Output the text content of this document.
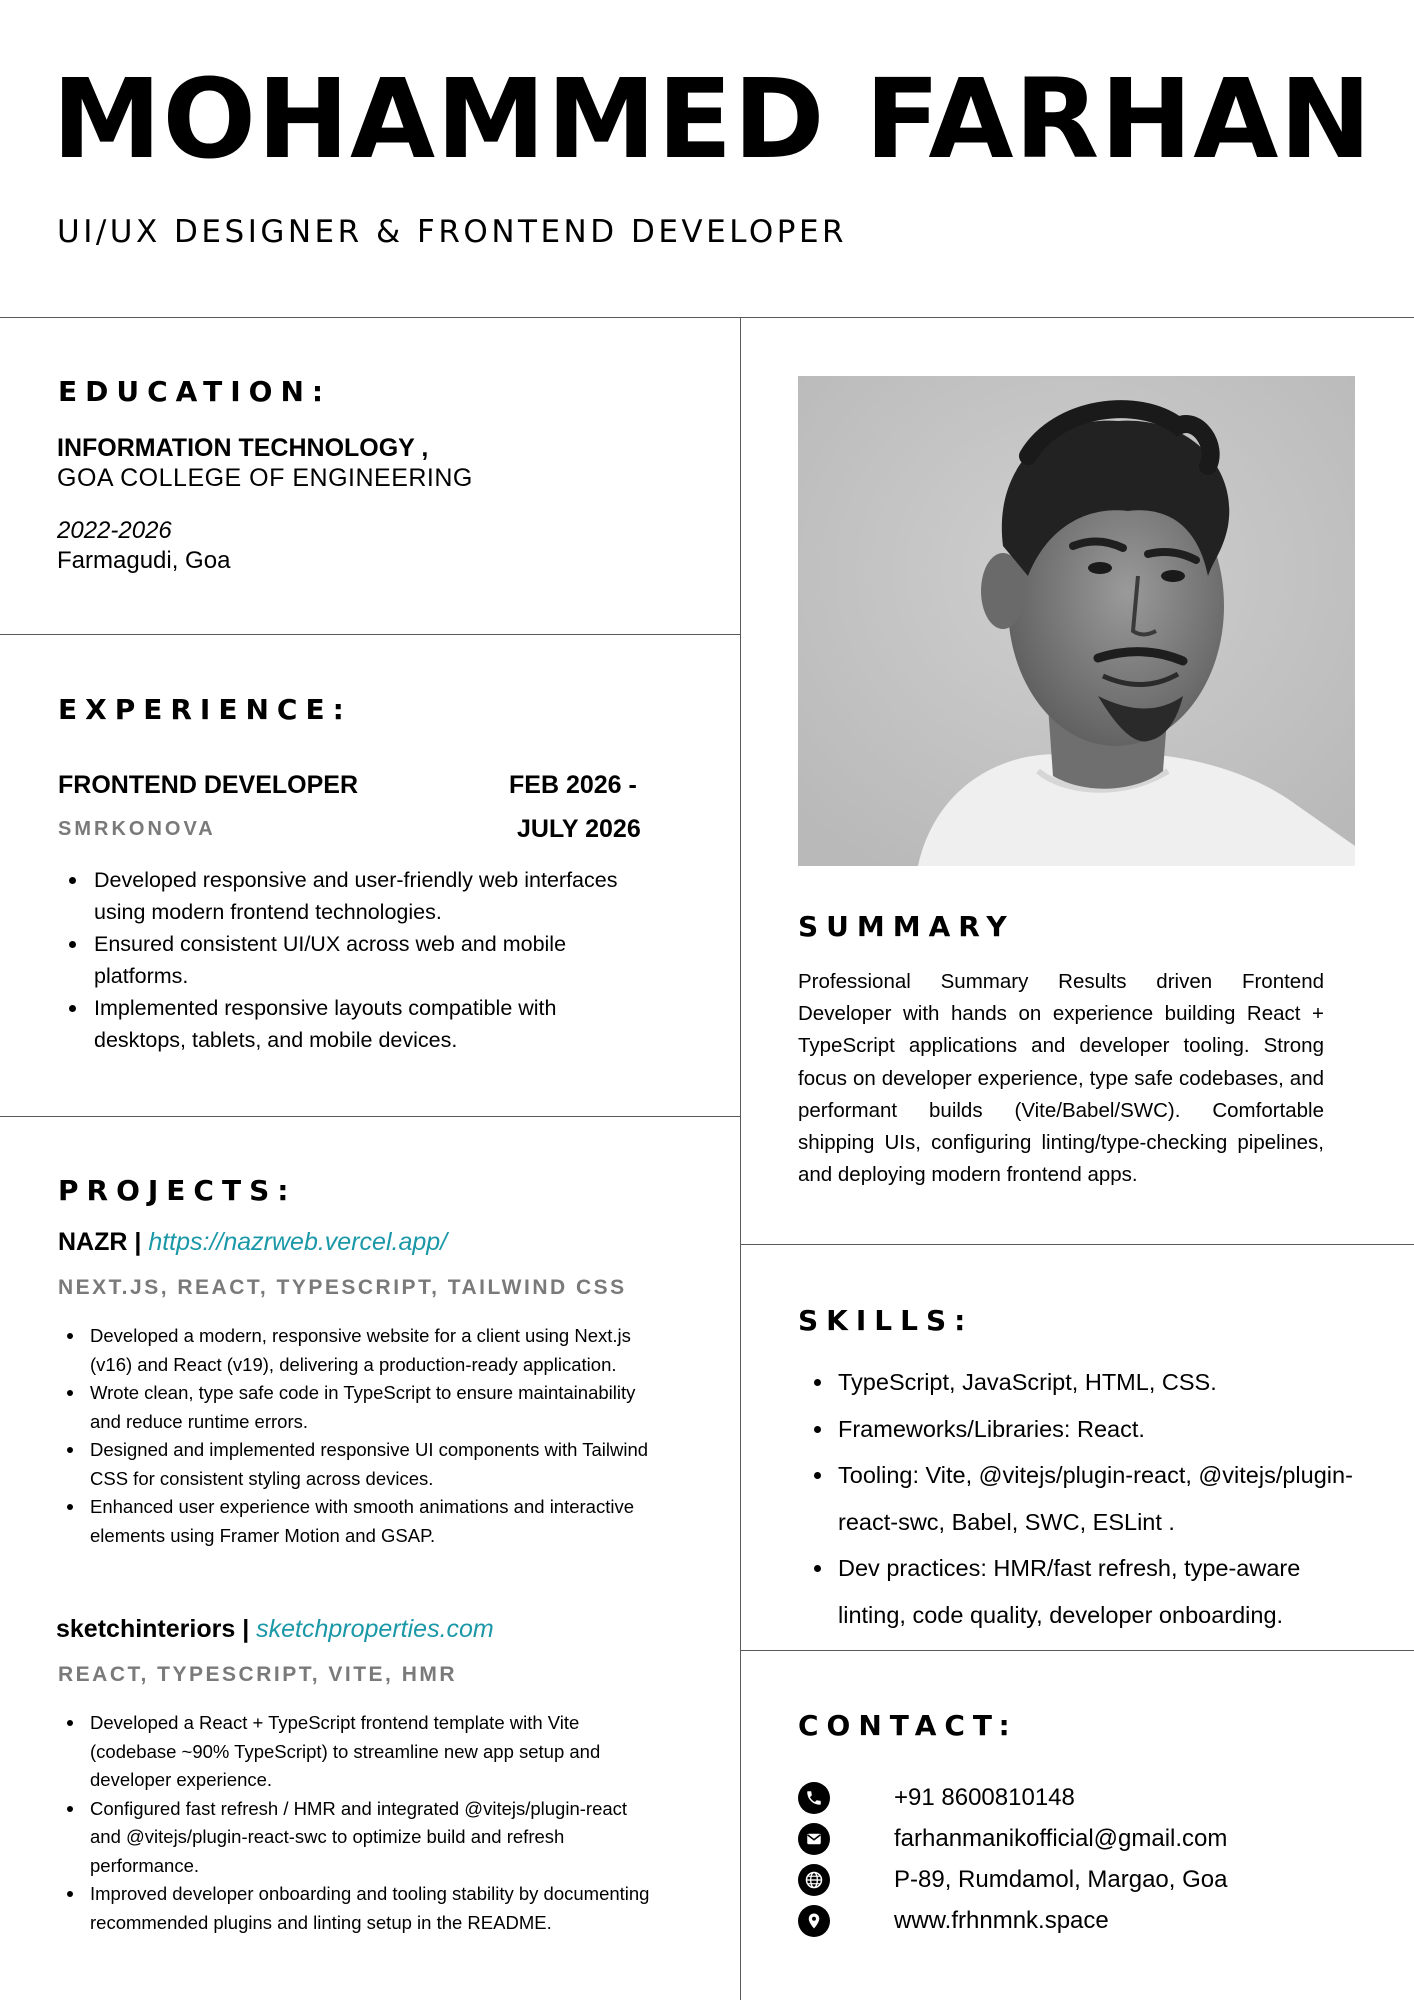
MOHAMMED FARHAN
UI/UX DESIGNER & FRONTEND DEVELOPER
EDUCATION:
INFORMATION TECHNOLOGY ,
GOA COLLEGE OF ENGINEERING
2022-2026
Farmagudi, Goa
EXPERIENCE:
FRONTEND DEVELOPER	FEB 2026 -
JULY 2026
SMRKONOVA
Developed responsive and user-friendly web interfaces using modern frontend technologies.
Ensured consistent UI/UX across web and mobile platforms.
Implemented responsive layouts compatible with desktops, tablets, and mobile devices.
PROJECTS:
NAZR | https://nazrweb.vercel.app/
NEXT.JS, REACT, TYPESCRIPT, TAILWIND CSS
Developed a modern, responsive website for a client using Next.js (v16) and React (v19), delivering a production-ready application.
Wrote clean, type safe code in TypeScript to ensure maintainability and reduce runtime errors.
Designed and implemented responsive UI components with Tailwind CSS for consistent styling across devices.
Enhanced user experience with smooth animations and interactive elements using Framer Motion and GSAP.
sketchinteriors | sketchproperties.com
REACT, TYPESCRIPT, VITE, HMR
Developed a React + TypeScript frontend template with Vite (codebase ~90% TypeScript) to streamline new app setup and developer experience.
Configured fast refresh / HMR and integrated @vitejs/plugin-react and @vitejs/plugin-react-swc to optimize build and refresh performance.
Improved developer onboarding and tooling stability by documenting recommended plugins and linting setup in the README.
SUMMARY
Professional Summary Results driven Frontend Developer with hands on experience building React + TypeScript applications and developer tooling. Strong focus on developer experience, type safe codebases, and performant builds (Vite/Babel/SWC). Comfortable shipping UIs, configuring linting/type-checking pipelines, and deploying modern frontend apps.
SKILLS:
TypeScript, JavaScript, HTML, CSS.
Frameworks/Libraries: React.
Tooling: Vite, @vitejs/plugin-react, @vitejs/plugin-react-swc, Babel, SWC, ESLint .
Dev practices: HMR/fast refresh, type-aware linting, code quality, developer onboarding.
CONTACT:
+91 8600810148
farhanmanikofficial@gmail.com
P-89, Rumdamol, Margao, Goa
www.frhnmnk.space
